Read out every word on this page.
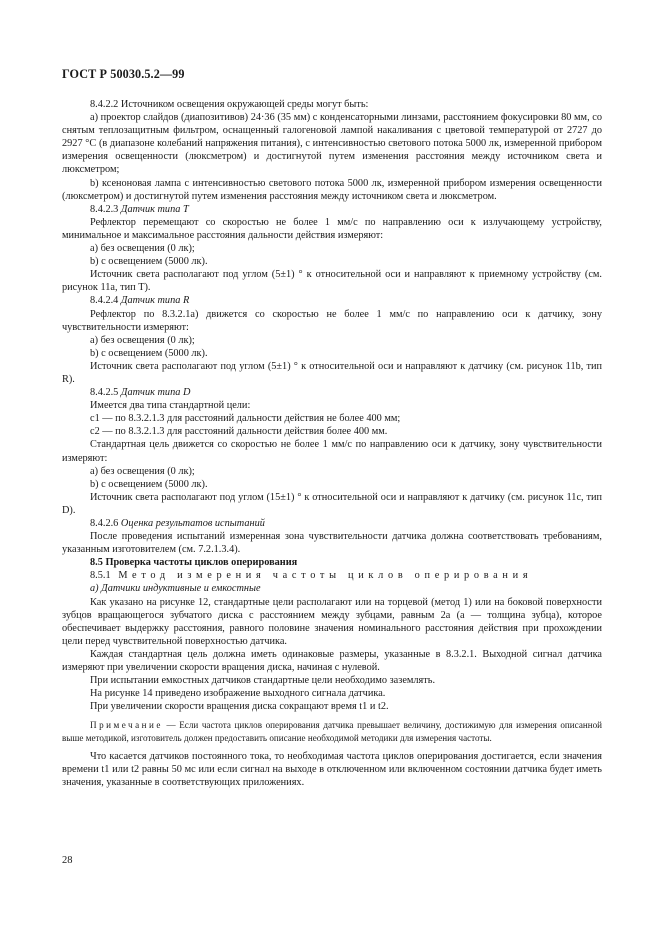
ГОСТ Р 50030.5.2—99

8.4.2.2 Источником освещения окружающей среды могут быть:

a) проектор слайдов (диапозитивов) 24·36 (35 мм) с конденсаторными линзами, расстоянием фокусировки 80 мм, со снятым теплозащитным фильтром, оснащенный галогеновой лампой накаливания с цветовой температурой от 2727 до 2927 °С (в диапазоне колебаний напряжения питания), с интенсивностью светового потока 5000 лк, измеренной прибором измерения освещенности (люксметром) и достигнутой путем изменения расстояния между источником света и люксметром;

b) ксеноновая лампа с интенсивностью светового потока 5000 лк, измеренной прибором измерения освещенности (люксметром) и достигнутой путем изменения расстояния между источником света и люксметром.

8.4.2.3 Датчик типа Т

Рефлектор перемещают со скоростью не более 1 мм/с по направлению оси к излучающему устройству, минимальное и максимальное расстояния дальности действия измеряют:

a) без освещения (0 лк);

b) с освещением (5000 лк).

Источник света располагают под углом (5±1) ° к относительной оси и направляют к приемному устройству (см. рисунок 11a, тип Т).

8.4.2.4 Датчик типа R

Рефлектор по 8.3.2.1a) движется со скоростью не более 1 мм/с по направлению оси к датчику, зону чувствительности измеряют:

a) без освещения (0 лк);

b) с освещением (5000 лк).

Источник света располагают под углом (5±1) ° к относительной оси и направляют к датчику (см. рисунок 11b, тип R).

8.4.2.5 Датчик типа D

Имеется два типа стандартной цели:

с1 — по 8.3.2.1.3 для расстояний дальности действия не более 400 мм;

с2 — по 8.3.2.1.3 для расстояний дальности действия более 400 мм.

Стандартная цель движется со скоростью не более 1 мм/с по направлению оси к датчику, зону чувствительности измеряют:

a) без освещения (0 лк);

b) с освещением (5000 лк).

Источник света располагают под углом (15±1) ° к относительной оси и направляют к датчику (см. рисунок 11c, тип D).

8.4.2.6 Оценка результатов испытаний

После проведения испытаний измеренная зона чувствительности датчика должна соответствовать требованиям, указанным изготовителем (см. 7.2.1.3.4).

8.5 Проверка частоты циклов оперирования

8.5.1 Метод измерения частоты циклов оперирования

a) Датчики индуктивные и емкостные

Как указано на рисунке 12, стандартные цели располагают или на торцевой (метод 1) или на боковой поверхности зубцов вращающегося зубчатого диска с расстоянием между зубцами, равным 2a (a — толщина зубца), которое обеспечивает выдержку расстояния, равного половине значения номинального расстояния действия при прохождении цели перед чувствительной поверхностью датчика.

Каждая стандартная цель должна иметь одинаковые размеры, указанные в 8.3.2.1. Выходной сигнал датчика измеряют при увеличении скорости вращения диска, начиная с нулевой.

При испытании емкостных датчиков стандартные цели необходимо заземлять.

На рисунке 14 приведено изображение выходного сигнала датчика.

При увеличении скорости вращения диска сокращают время t1 и t2.

Примечание — Если частота циклов оперирования датчика превышает величину, достижимую для измерения описанной выше методикой, изготовитель должен предоставить описание необходимой методики для измерения частоты.

Что касается датчиков постоянного тока, то необходимая частота циклов оперирования достигается, если значения времени t1 или t2 равны 50 мс или если сигнал на выходе в отключенном или включенном состоянии датчика будет иметь значения, указанные в соответствующих приложениях.

28
